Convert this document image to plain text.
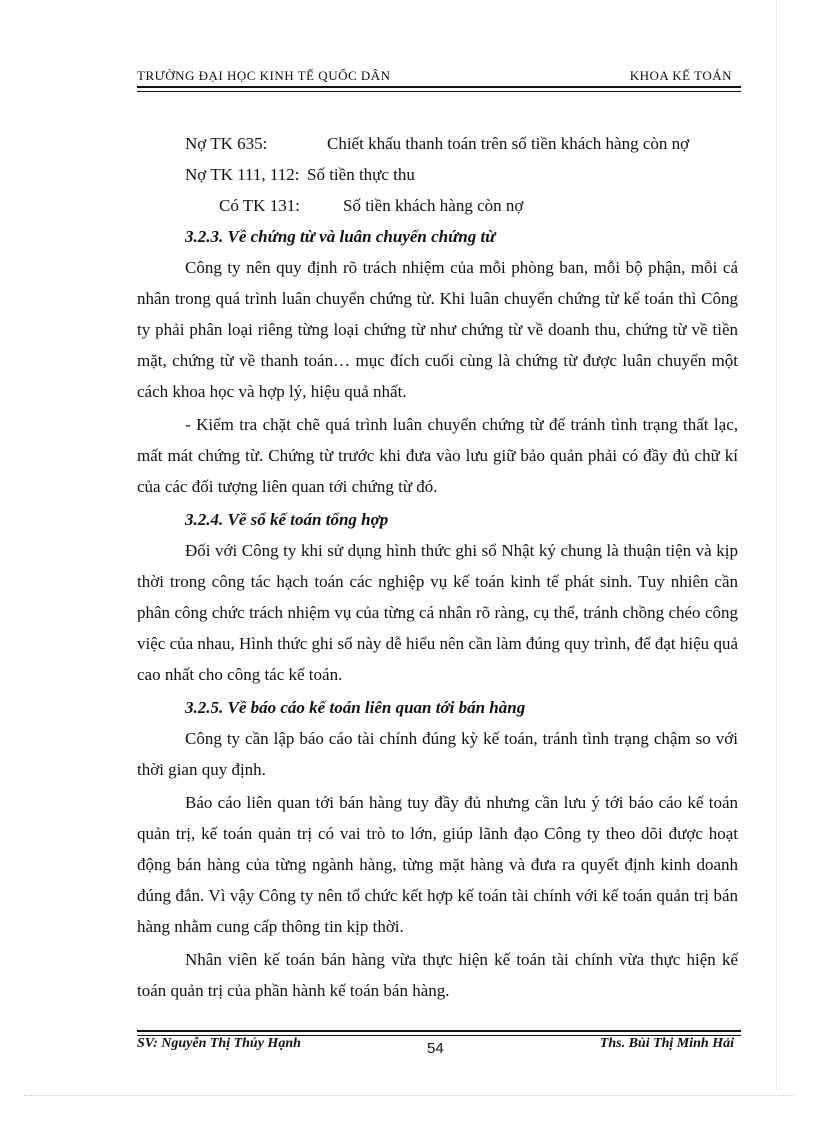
TRƯỜNG ĐẠI HỌC KINH TẾ QUỐC DÂN	KHOA KẾ TOÁN
Nợ TK 635:	Chiết khấu thanh toán trên số tiền khách hàng còn nợ
Nợ TK 111, 112: Số tiền thực thu
Có TK 131:	Số tiền khách hàng còn nợ
3.2.3. Về chứng từ và luân chuyển chứng từ

Công ty nên quy định rõ trách nhiệm của mỗi phòng ban, mỗi bộ phận, mỗi cá nhân trong quá trình luân chuyển chứng từ. Khi luân chuyển chứng từ kế toán thì Công ty phải phân loại riêng từng loại chứng từ như chứng từ về doanh thu, chứng từ về tiền mặt, chứng từ về thanh toán… mục đích cuối cùng là chứng từ được luân chuyển một cách khoa học và hợp lý, hiệu quả nhất.

- Kiểm tra chặt chẽ quá trình luân chuyển chứng từ để tránh tình trạng thất lạc, mất mát chứng từ. Chứng từ trước khi đưa vào lưu giữ bảo quản phải có đầy đủ chữ kí của các đối tượng liên quan tới chứng từ đó.

3.2.4. Về sổ kế toán tổng hợp

Đối với Công ty khi sử dụng hình thức ghi sổ Nhật ký chung là thuận tiện và kịp thời trong công tác hạch toán các nghiệp vụ kế toán kinh tế phát sinh. Tuy nhiên cần phân công chức trách nhiệm vụ của từng cá nhân rõ ràng, cụ thể, tránh chồng chéo công việc của nhau, Hình thức ghi sổ này dễ hiểu nên cần làm đúng quy trình, để đạt hiệu quả cao nhất cho công tác kế toán.

3.2.5. Về báo cáo kế toán liên quan tới bán hàng

Công ty cần lập báo cáo tài chính đúng kỳ kế toán, tránh tình trạng chậm so với thời gian quy định.

Báo cáo liên quan tới bán hàng tuy đầy đủ nhưng cần lưu ý tới báo cáo kế toán quản trị, kế toán quản trị có vai trò to lớn, giúp lãnh đạo Công ty theo dõi được hoạt động bán hàng của từng ngành hàng, từng mặt hàng và đưa ra quyết định kinh doanh đúng đắn. Vì vậy Công ty nên tổ chức kết hợp kế toán tài chính với kế toán quản trị bán hàng nhằm cung cấp thông tin kịp thời.

Nhân viên kế toán bán hàng vừa thực hiện kế toán tài chính vừa thực hiện kế toán quản trị của phần hành kế toán bán hàng.

SV: Nguyễn Thị Thúy Hạnh	54	Ths. Bùi Thị Minh Hải
